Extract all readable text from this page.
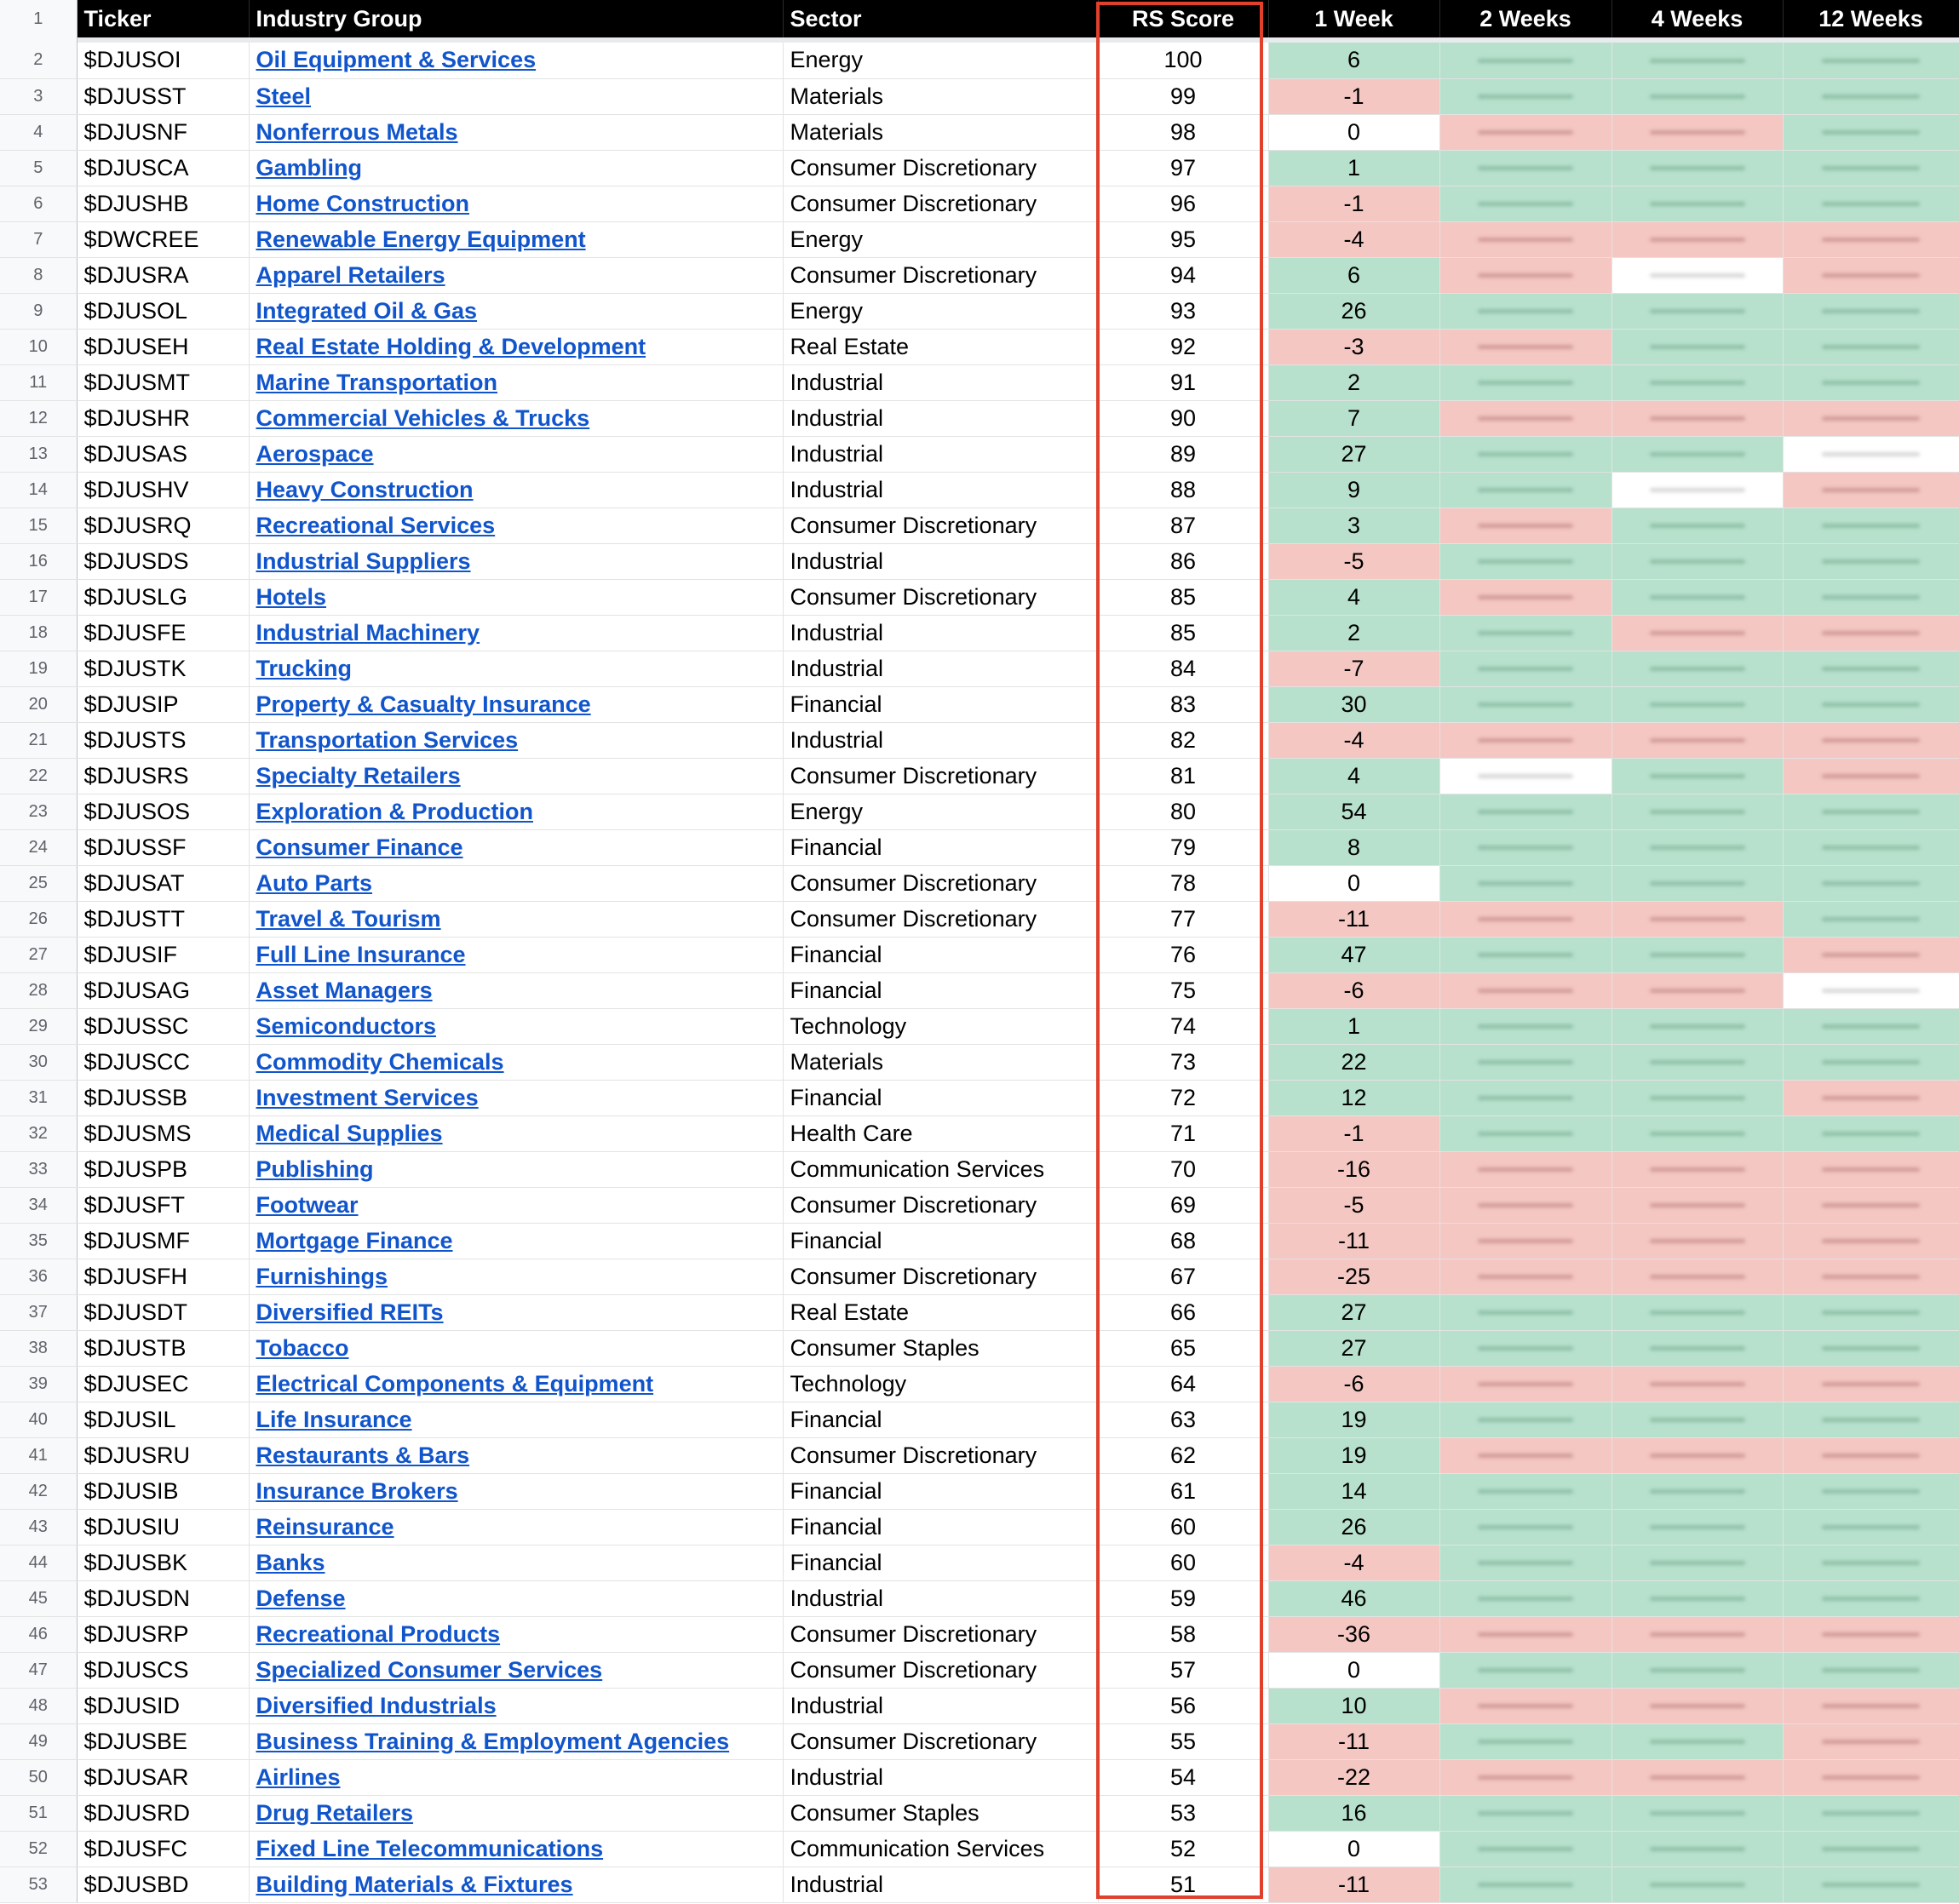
1	Ticker	Industry Group	Sector	RS Score	1 Week	2 Weeks	4 Weeks	12 Weeks

2	$DJUSOI	Oil Equipment & Services	Energy	100	6	

3	$DJUSST	Steel	Materials	99	-1	

4	$DJUSNF	Nonferrous Metals	Materials	98	0	

5	$DJUSCA	Gambling	Consumer Discretionary	97	1	

6	$DJUSHB	Home Construction	Consumer Discretionary	96	-1	

7	$DWCREE	Renewable Energy Equipment	Energy	95	-4	

8	$DJUSRA	Apparel Retailers	Consumer Discretionary	94	6	

9	$DJUSOL	Integrated Oil & Gas	Energy	93	26	

10	$DJUSEH	Real Estate Holding & Development	Real Estate	92	-3	

11	$DJUSMT	Marine Transportation	Industrial	91	2	

12	$DJUSHR	Commercial Vehicles & Trucks	Industrial	90	7	

13	$DJUSAS	Aerospace	Industrial	89	27	

14	$DJUSHV	Heavy Construction	Industrial	88	9	

15	$DJUSRQ	Recreational Services	Consumer Discretionary	87	3	

16	$DJUSDS	Industrial Suppliers	Industrial	86	-5	

17	$DJUSLG	Hotels	Consumer Discretionary	85	4	

18	$DJUSFE	Industrial Machinery	Industrial	85	2	

19	$DJUSTK	Trucking	Industrial	84	-7	

20	$DJUSIP	Property & Casualty Insurance	Financial	83	30	

21	$DJUSTS	Transportation Services	Industrial	82	-4	

22	$DJUSRS	Specialty Retailers	Consumer Discretionary	81	4	

23	$DJUSOS	Exploration & Production	Energy	80	54	

24	$DJUSSF	Consumer Finance	Financial	79	8	

25	$DJUSAT	Auto Parts	Consumer Discretionary	78	0	

26	$DJUSTT	Travel & Tourism	Consumer Discretionary	77	-11	

27	$DJUSIF	Full Line Insurance	Financial	76	47	

28	$DJUSAG	Asset Managers	Financial	75	-6	

29	$DJUSSC	Semiconductors	Technology	74	1	

30	$DJUSCC	Commodity Chemicals	Materials	73	22	

31	$DJUSSB	Investment Services	Financial	72	12	

32	$DJUSMS	Medical Supplies	Health Care	71	-1	

33	$DJUSPB	Publishing	Communication Services	70	-16	

34	$DJUSFT	Footwear	Consumer Discretionary	69	-5	

35	$DJUSMF	Mortgage Finance	Financial	68	-11	

36	$DJUSFH	Furnishings	Consumer Discretionary	67	-25	

37	$DJUSDT	Diversified REITs	Real Estate	66	27	

38	$DJUSTB	Tobacco	Consumer Staples	65	27	

39	$DJUSEC	Electrical Components & Equipment	Technology	64	-6	

40	$DJUSIL	Life Insurance	Financial	63	19	

41	$DJUSRU	Restaurants & Bars	Consumer Discretionary	62	19	

42	$DJUSIB	Insurance Brokers	Financial	61	14	

43	$DJUSIU	Reinsurance	Financial	60	26	

44	$DJUSBK	Banks	Financial	60	-4	

45	$DJUSDN	Defense	Industrial	59	46	

46	$DJUSRP	Recreational Products	Consumer Discretionary	58	-36	

47	$DJUSCS	Specialized Consumer Services	Consumer Discretionary	57	0	

48	$DJUSID	Diversified Industrials	Industrial	56	10	

49	$DJUSBE	Business Training & Employment Agencies	Consumer Discretionary	55	-11	

50	$DJUSAR	Airlines	Industrial	54	-22	

51	$DJUSRD	Drug Retailers	Consumer Staples	53	16	

52	$DJUSFC	Fixed Line Telecommunications	Communication Services	52	0	

53	$DJUSBD	Building Materials & Fixtures	Industrial	51	-11	
